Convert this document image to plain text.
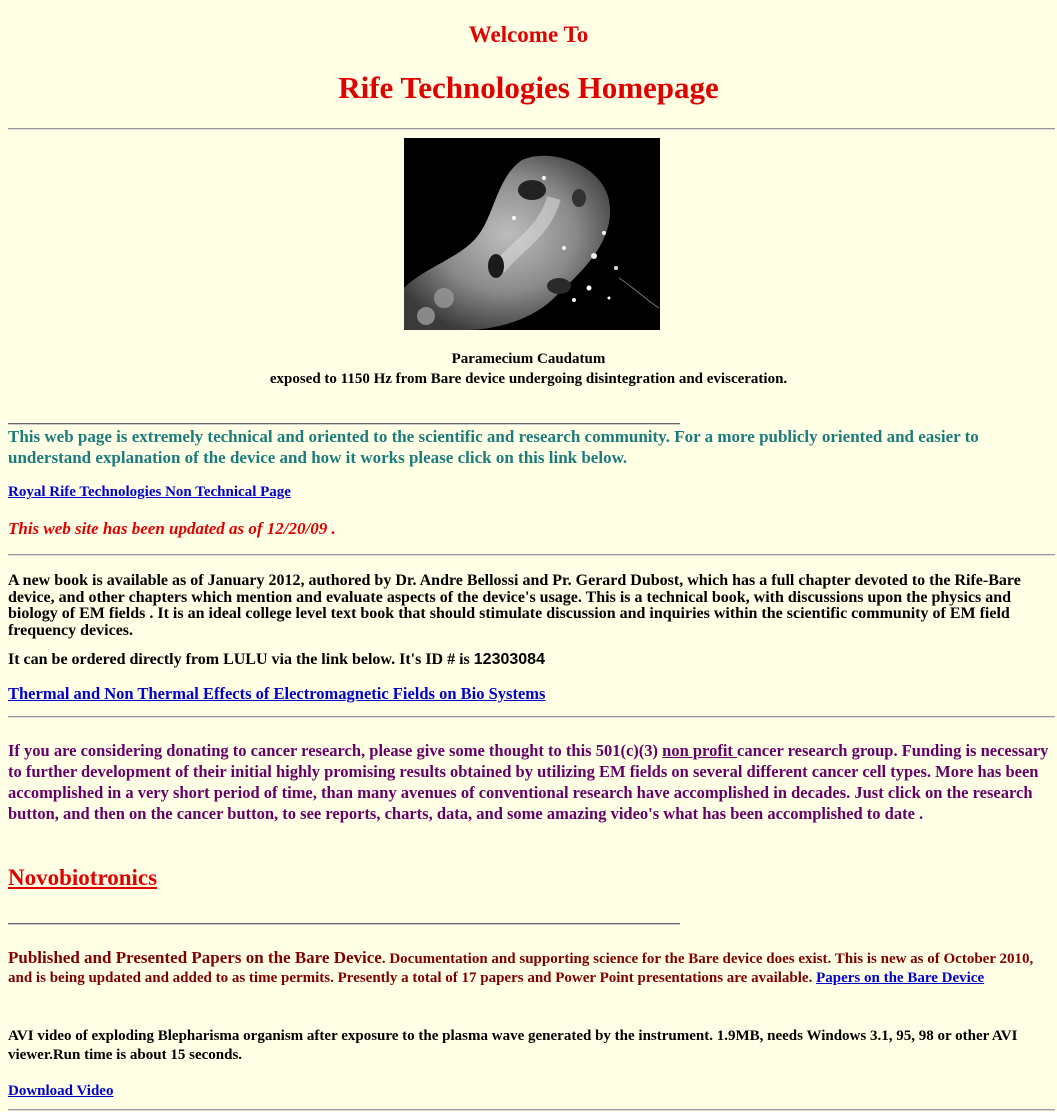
Welcome To
Rife Technologies Homepage
Paramecium Caudatum
exposed to 1150 Hz from Bare device undergoing disintegration and evisceration.
This web page is extremely technical and oriented to the scientific and research community. For a more publicly oriented and easier to understand explanation of the device and how it works please click on this link below.
Royal Rife Technologies Non Technical Page
This web site has been updated as of 12/20/09 .
A new book is available as of January 2012, authored by Dr. Andre Bellossi and Pr. Gerard Dubost, which has a full chapter devoted to the Rife-Bare device, and other chapters which mention and evaluate aspects of the device's usage. This is a technical book, with discussions upon the physics and biology of EM fields . It is an ideal college level text book that should stimulate discussion and inquiries within the scientific community of EM field frequency devices.
It can be ordered directly from LULU via the link below. It's ID # is 12303084
Thermal and Non Thermal Effects of Electromagnetic Fields on Bio Systems
If you are considering donating to cancer research, please give some thought to this 501(c)(3) non profit cancer research group. Funding is necessary to further development of their initial highly promising results obtained by utilizing EM fields on several different cancer cell types. More has been accomplished in a very short period of time, than many avenues of conventional research have accomplished in decades. Just click on the research button, and then on the cancer button, to see reports, charts, data, and some amazing video's what has been accomplished to date .
Novobiotronics
Published and Presented Papers on the Bare Device. Documentation and supporting science for the Bare device does exist. This is new as of October 2010, and is being updated and added to as time permits. Presently a total of 17 papers and Power Point presentations are available. Papers on the Bare Device
AVI video of exploding Blepharisma organism after exposure to the plasma wave generated by the instrument. 1.9MB, needs Windows 3.1, 95, 98 or other AVI viewer.Run time is about 15 seconds.
Download Video
